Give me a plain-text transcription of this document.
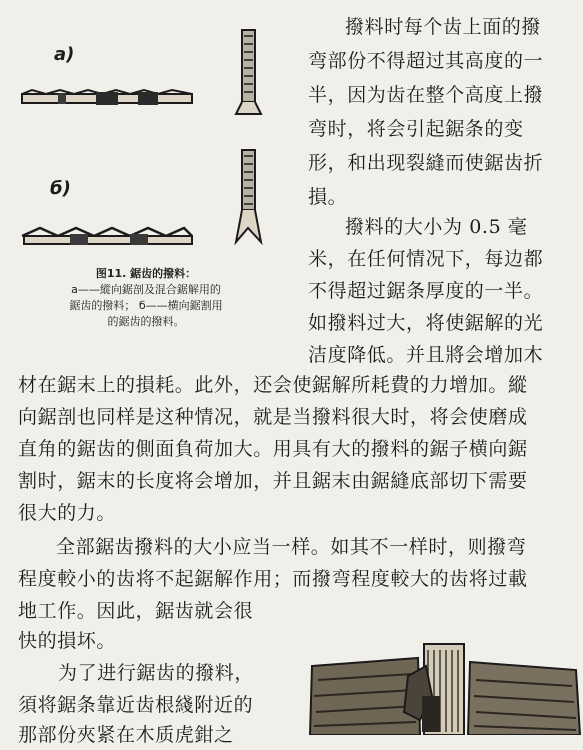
a)
б)
图11. 鋸齿的撥料：
a——縱向鋸剖及混合鋸解用的
鋸齿的撥料； б——横向鋸割用
的鋸齿的撥料。
撥料时每个齿上面的撥
弯部份不得超过其高度的一
半，因为齿在整个高度上撥
弯时，将会引起鋸条的变
形，和出现裂縫而使鋸齿折
損。
撥料的大小为 0.5 毫
米，在任何情况下，每边都
不得超过鋸条厚度的一半。
如撥料过大，将使鋸解的光
洁度降低。并且將会增加木
材在鋸末上的損耗。此外，还会使鋸解所耗費的力增加。縱
向鋸剖也同样是这种情况，就是当撥料很大时，将会使磨成
直角的鋸齿的側面負荷加大。用具有大的撥料的鋸子横向鋸
割时，鋸末的长度将会增加，并且鋸末由鋸縫底部切下需要
很大的力。
全部鋸齿撥料的大小应当一样。如其不一样时，则撥弯
程度較小的齿将不起鋸解作用；而撥弯程度較大的齿将过載
地工作。因此，鋸齿就会很
快的損坏。
为了进行鋸齿的撥料，
須将鋸条靠近齿根綫附近的
那部份夾紧在木质虎鉗之
